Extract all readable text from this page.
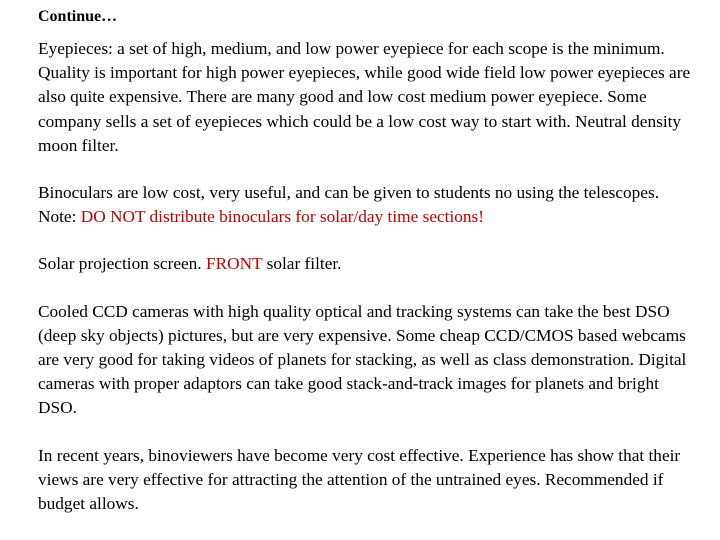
Continue…

Eyepieces: a set of high, medium, and low power eyepiece for each scope is the minimum. Quality is important for high power eyepieces, while good wide field low power eyepieces are also quite expensive. There are many good and low cost medium power eyepiece. Some company sells a set of eyepieces which could be a low cost way to start with. Neutral density moon filter.

Binoculars are low cost, very useful, and can be given to students no using the telescopes. Note: DO NOT distribute binoculars for solar/day time sections!

Solar projection screen. FRONT solar filter.

Cooled CCD cameras with high quality optical and tracking systems can take the best DSO (deep sky objects) pictures, but are very expensive. Some cheap CCD/CMOS based webcams are very good for taking videos of planets for stacking, as well as class demonstration. Digital cameras with proper adaptors can take good stack-and-track images for planets and bright DSO.

In recent years, binoviewers have become very cost effective. Experience has show that their views are very effective for attracting the attention of the untrained eyes. Recommended if budget allows.
